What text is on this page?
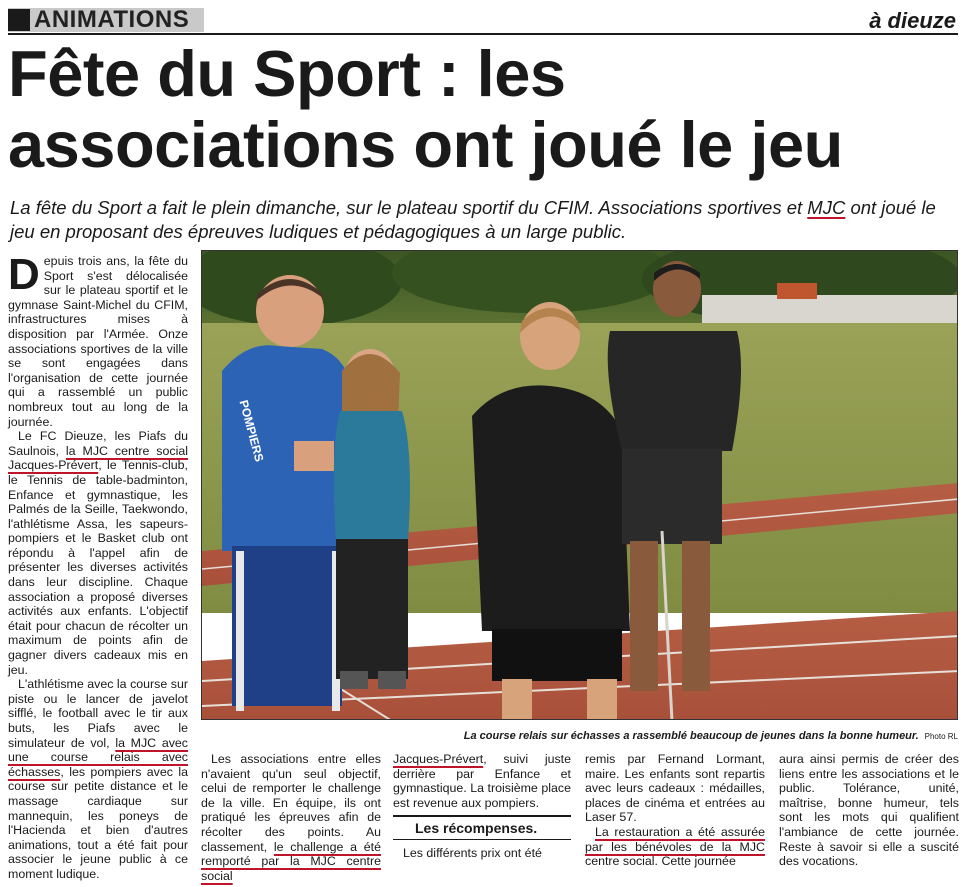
ANIMATIONS	à dieuze
Fête du Sport : les
associations ont joué le jeu

La fête du Sport a fait le plein dimanche, sur le plateau sportif du CFIM. Associations sportives et MJC ont joué le jeu en proposant des épreuves ludiques et pédagogiques à un large public.

Depuis trois ans, la fête du Sport s'est délocalisée sur le plateau sportif et le gymnase Saint-Michel du CFIM, infrastructures mises à disposition par l'Armée. Onze associations sportives de la ville se sont engagées dans l'organisation de cette journée qui a rassemblé un public nombreux tout au long de la journée.

Le FC Dieuze, les Piafs du Saulnois, la MJC centre social Jacques-Prévert, le Tennis-club, le Tennis de table-badminton, Enfance et gymnastique, les Palmés de la Seille, Taekwondo, l'athlétisme Assa, les sapeurs-pompiers et le Basket club ont répondu à l'appel afin de présenter les diverses activités dans leur discipline. Chaque association a proposé diverses activités aux enfants. L'objectif était pour chacun de récolter un maximum de points afin de gagner divers cadeaux mis en jeu.

L'athlétisme avec la course sur piste ou le lancer de javelot sifflé, le football avec le tir aux buts, les Piafs avec le simulateur de vol, la MJC avec une course relais avec échasses, les pompiers avec la course sur petite distance et le massage cardiaque sur mannequin, les poneys de l'Hacienda et bien d'autres animations, tout a été fait pour associer le jeune public à ce moment ludique.

POMPIERS
La course relais sur échasses a rassemblé beaucoup de jeunes dans la bonne humeur. Photo RL

Les associations entre elles n'avaient qu'un seul objectif, celui de remporter le challenge de la ville. En équipe, ils ont pratiqué les épreuves afin de récolter des points. Au classement, le challenge a été remporté par la MJC centre social

Jacques-Prévert, suivi juste derrière par Enfance et gymnastique. La troisième place est revenue aux pompiers.

Les récompenses.

Les différents prix ont été

remis par Fernand Lormant, maire. Les enfants sont repartis avec leurs cadeaux : médailles, places de cinéma et entrées au Laser 57.

La restauration a été assurée par les bénévoles de la MJC centre social. Cette journée

aura ainsi permis de créer des liens entre les associations et le public. Tolérance, unité, maîtrise, bonne humeur, tels sont les mots qui qualifient l'ambiance de cette journée. Reste à savoir si elle a suscité des vocations.
